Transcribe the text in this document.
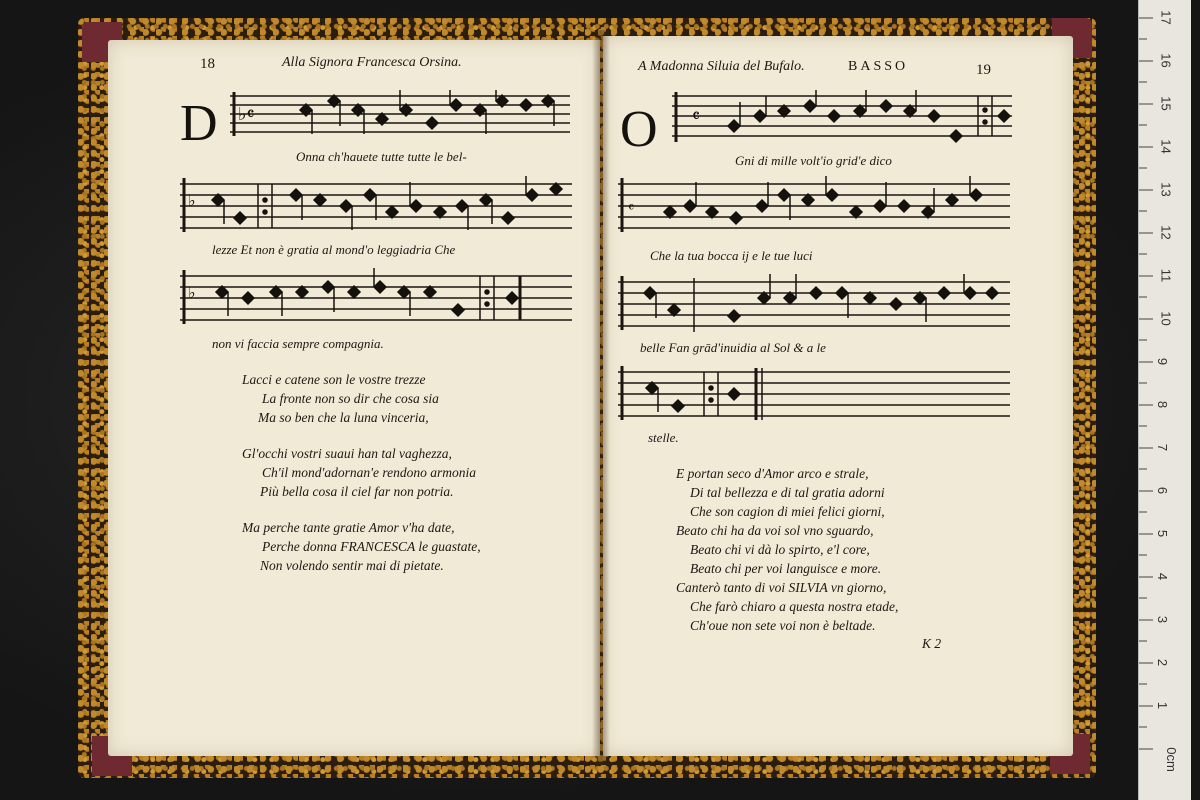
18	Alla Signora Francesca Orsina.
D ♭𝄴
Onna ch'hauete tutte tutte le bel-
♭
lezze Et non è gratia al mond'o leggiadria Che
♭
non vi faccia sempre compagnia.
Lacci e catene son le vostre trezze
La fronte non so dir che cosa sia
Ma so ben che la luna vinceria,
Gl'occhi vostri suaui han tal vaghezza,
Ch'il mond'adornan'e rendono armonia
Più bella cosa il ciel far non potria.
Ma perche tante gratie Amor v'ha date,
Perche donna FRANCESCA le guastate,
Non volendo sentir mai di pietate.
A Madonna Siluia del Bufalo.	BASSO	19
O 𝄴
Gni di mille volt'io grid'e dico
𝄴
Che la tua bocca ij e le tue luci
belle Fan grād'inuidia al Sol & a le
stelle.
E portan seco d'Amor arco e strale,
Di tal bellezza e di tal gratia adorni
Che son cagion di miei felici giorni,
Beato chi ha da voi sol vno sguardo,
Beato chi vi dà lo spirto, e'l core,
Beato chi per voi languisce e more.
Canterò tanto di voi SILVIA vn giorno,
Che farò chiaro a questa nostra etade,
Ch'oue non sete voi non è beltade.
K 2
17
16
15
14
13
12
11
10
9
8
7
6
5
4
3
2
1
0cm
